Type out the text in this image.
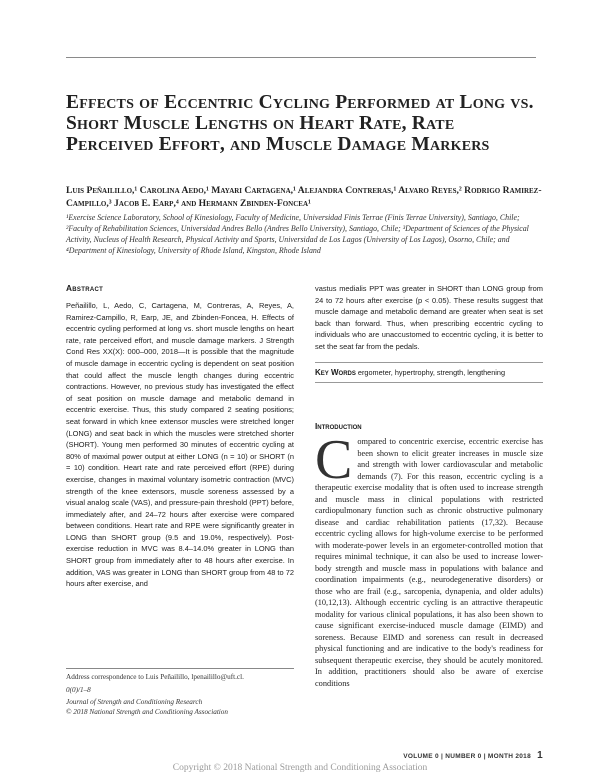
Effects of Eccentric Cycling Performed at Long vs. Short Muscle Lengths on Heart Rate, Rate Perceived Effort, and Muscle Damage Markers
Luis Peñailillo,¹ Carolina Aedo,¹ Mayari Cartagena,¹ Alejandra Contreras,¹ Alvaro Reyes,² Rodrigo Ramirez-Campillo,³ Jacob E. Earp,⁴ and Hermann Zbinden-Foncea¹
¹Exercise Science Laboratory, School of Kinesiology, Faculty of Medicine, Universidad Finis Terrae (Finis Terrae University), Santiago, Chile; ²Faculty of Rehabilitation Sciences, Universidad Andres Bello (Andres Bello University), Santiago, Chile; ³Department of Sciences of the Physical Activity, Nucleus of Health Research, Physical Activity and Sports, Universidad de Los Lagos (University of Los Lagos), Osorno, Chile; and ⁴Department of Kinesiology, University of Rhode Island, Kingston, Rhode Island
Abstract

Peñailillo, L, Aedo, C, Cartagena, M, Contreras, A, Reyes, A, Ramirez-Campillo, R, Earp, JE, and Zbinden-Foncea, H. Effects of eccentric cycling performed at long vs. short muscle lengths on heart rate, rate perceived effort, and muscle damage markers. J Strength Cond Res XX(X): 000–000, 2018—It is possible that the magnitude of muscle damage in eccentric cycling is dependent on seat position that could affect the muscle length changes during eccentric contractions. However, no previous study has investigated the effect of seat position on muscle damage and metabolic demand in eccentric exercise. Thus, this study compared 2 seating positions; seat forward in which knee extensor muscles were stretched longer (LONG) and seat back in which the muscles were stretched shorter (SHORT). Young men performed 30 minutes of eccentric cycling at 80% of maximal power output at either LONG (n = 10) or SHORT (n = 10) condition. Heart rate and rate perceived effort (RPE) during exercise, changes in maximal voluntary isometric contraction (MVC) strength of the knee extensors, muscle soreness assessed by a visual analog scale (VAS), and pressure-pain threshold (PPT) before, immediately after, and 24–72 hours after exercise were compared between conditions. Heart rate and RPE were significantly greater in LONG than SHORT group (9.5 and 19.0%, respectively). Post-exercise reduction in MVC was 8.4–14.0% greater in LONG than SHORT group from immediately after to 48 hours after exercise. In addition, VAS was greater in LONG than SHORT group from 48 to 72 hours after exercise, and

vastus medialis PPT was greater in SHORT than LONG group from 24 to 72 hours after exercise (p < 0.05). These results suggest that muscle damage and metabolic demand are greater when seat is set back than forward. Thus, when prescribing eccentric cycling to individuals who are unaccustomed to eccentric cycling, it is better to set the seat far from the pedals.

Key Words ergometer, hypertrophy, strength, lengthening
Introduction
C ompared to concentric exercise, eccentric exercise has been shown to elicit greater increases in muscle size and strength with lower cardiovascular and metabolic demands (7). For this reason, eccentric cycling is a therapeutic exercise modality that is often used to increase strength and muscle mass in clinical populations with restricted cardiopulmonary function such as chronic obstructive pulmonary disease and cardiac rehabilitation patients (17,32). Because eccentric cycling allows for high-volume exercise to be performed with moderate-power levels in an ergometer-controlled motion that requires minimal technique, it can also be used to increase lower-body strength and muscle mass in populations with balance and coordination impairments (e.g., neurodegenerative disorders) or those who are frail (e.g., sarcopenia, dynapenia, and older adults) (10,12,13). Although eccentric cycling is an attractive therapeutic modality for various clinical populations, it has also been shown to cause significant exercise-induced muscle damage (EIMD) and soreness. Because EIMD and soreness can result in decreased physical functioning and are indicative to the body's readiness for subsequent therapeutic exercise, they should be acutely monitored. In addition, practitioners should also be aware of exercise conditions

Address correspondence to Luis Peñailillo, lpenailillo@uft.cl.
0(0)/1–8
Journal of Strength and Conditioning Research
© 2018 National Strength and Conditioning Association
VOLUME 0 | NUMBER 0 | MONTH 2018 1
Copyright © 2018 National Strength and Conditioning Association
